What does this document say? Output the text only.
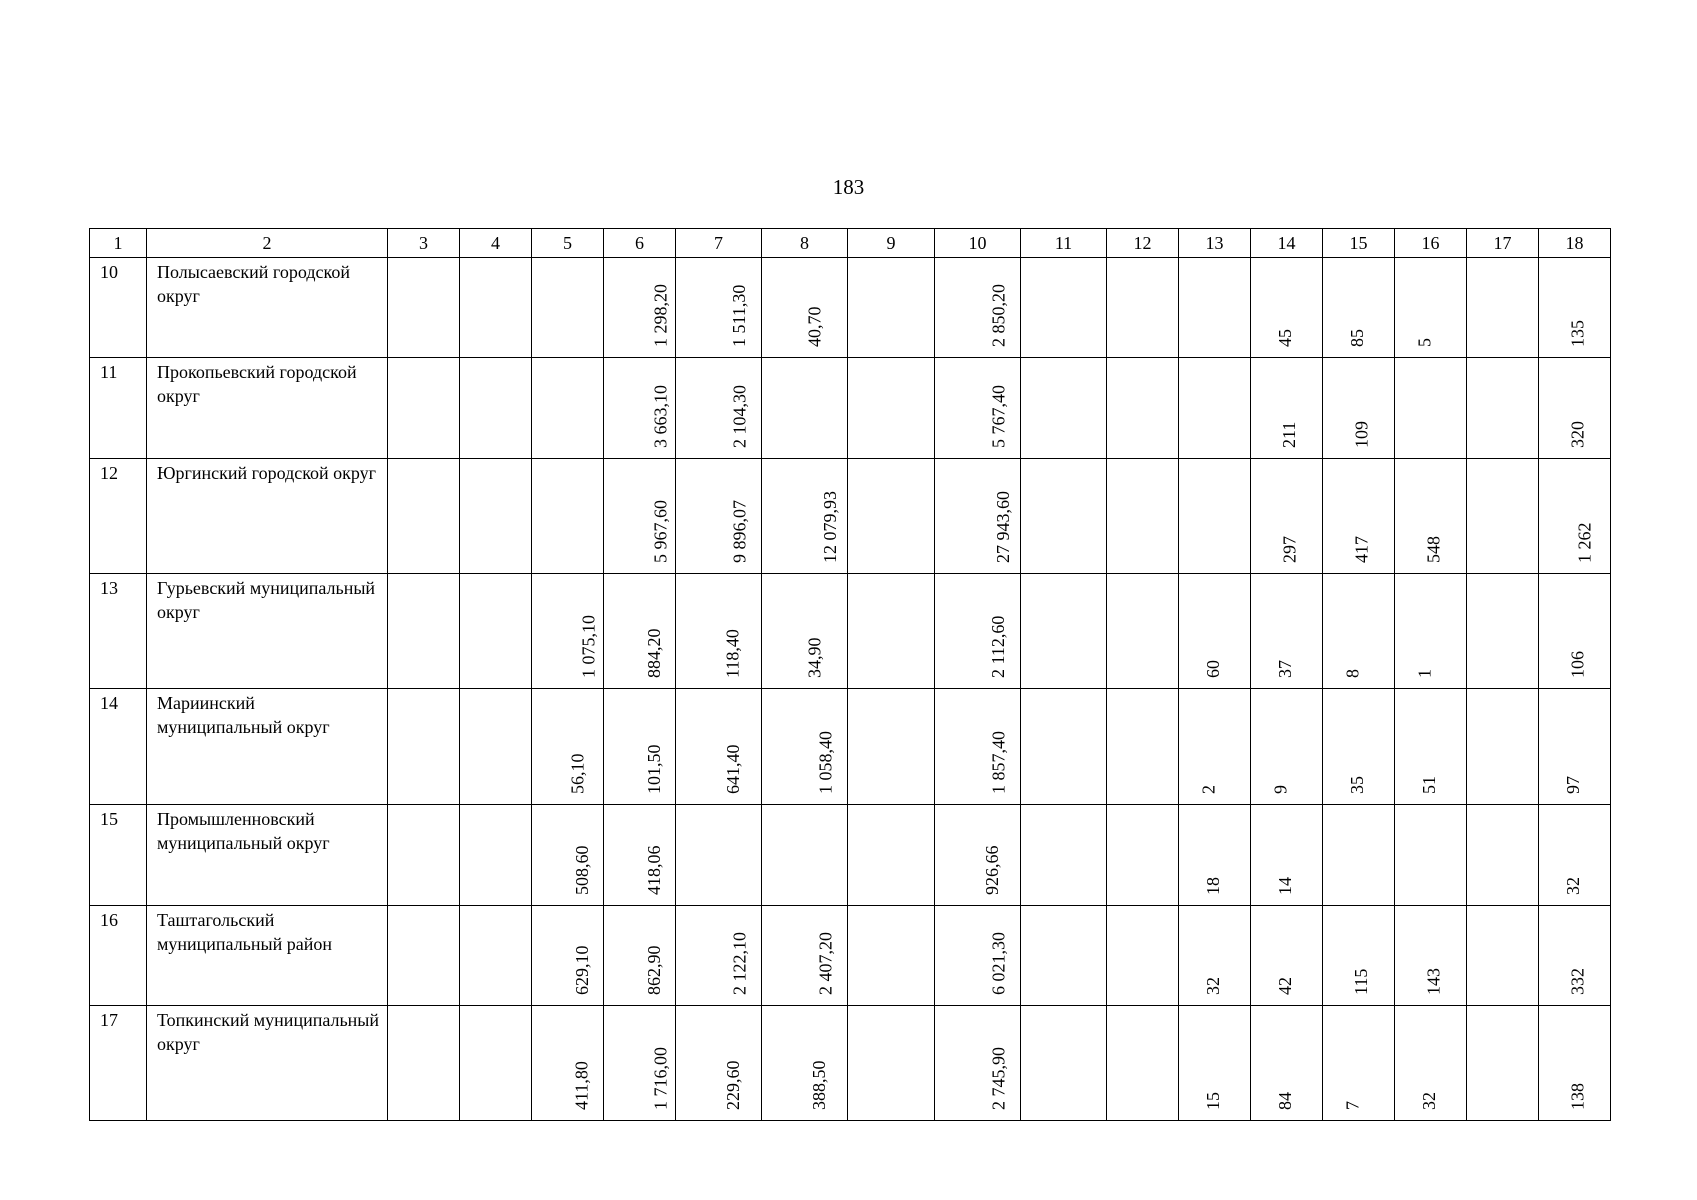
183
1	2	3	4	5	6	7	8	9	10	11	12	13	14	15	16	17	18
10	Полысаевский городской округ				1 298,20	1 511,30	40,70		2 850,20				45	85	5		135

11	Прокопьевский городской округ				3 663,10	2 104,30			5 767,40				211	109			320

12	Юргинский городской округ				5 967,60	9 896,07	12 079,93		27 943,60				297	417	548		1 262

13	Гурьевский муниципальный округ			1 075,10	884,20	118,40	34,90		2 112,60			60	37	8	1		106

14	Мариинский муниципальный округ			56,10	101,50	641,40	1 058,40		1 857,40			2	9	35	51		97

15	Промышленновский муниципальный округ			508,60	418,06				926,66			18	14				32

16	Таштагольский муниципальный район			629,10	862,90	2 122,10	2 407,20		6 021,30			32	42	115	143		332

17	Топкинский муниципальный округ			411,80	1 716,00	229,60	388,50		2 745,90			15	84	7	32		138
